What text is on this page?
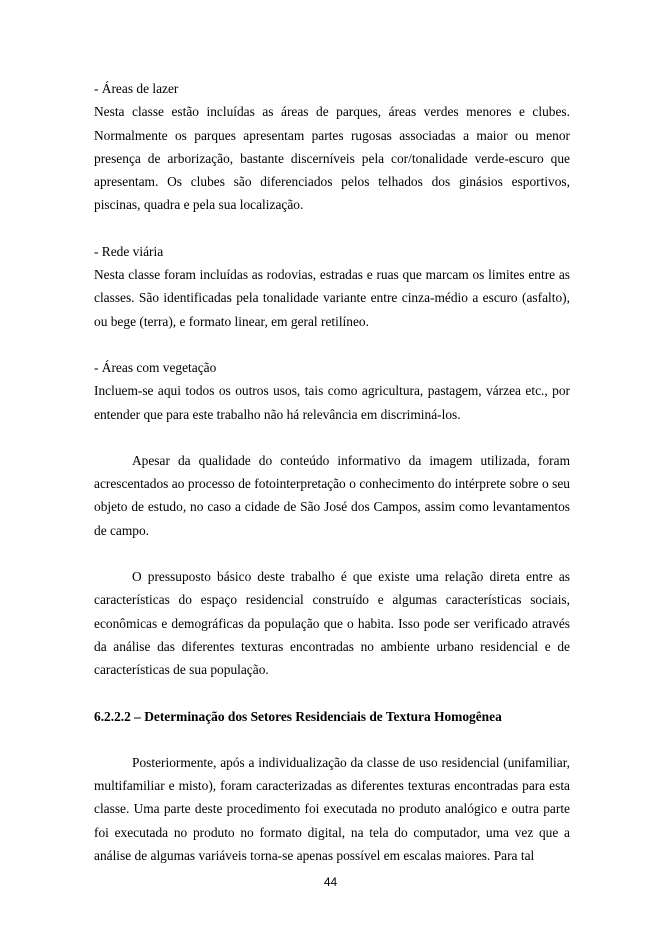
- Áreas de lazer

Nesta classe estão incluídas as áreas de parques, áreas verdes menores e clubes. Normalmente os parques apresentam partes rugosas associadas a maior ou menor presença de arborização, bastante discerníveis pela cor/tonalidade verde-escuro que apresentam. Os clubes são diferenciados pelos telhados dos ginásios esportivos, piscinas, quadra e pela sua localização.

- Rede viária

Nesta classe foram incluídas as rodovias, estradas e ruas que marcam os limites entre as classes. São identificadas pela tonalidade variante entre cinza-médio a escuro (asfalto), ou bege (terra), e formato linear, em geral retilíneo.

- Áreas com vegetação

Incluem-se aqui todos os outros usos, tais como agricultura, pastagem, várzea etc., por entender que para este trabalho não há relevância em discriminá-los.

Apesar da qualidade do conteúdo informativo da imagem utilizada, foram acrescentados ao processo de fotointerpretação o conhecimento do intérprete sobre o seu objeto de estudo, no caso a cidade de São José dos Campos, assim como levantamentos de campo.

O pressuposto básico deste trabalho é que existe uma relação direta entre as características do espaço residencial construído e algumas características sociais, econômicas e demográficas da população que o habita. Isso pode ser verificado através da análise das diferentes texturas encontradas no ambiente urbano residencial e de características de sua população.

6.2.2.2 – Determinação dos Setores Residenciais de Textura Homogênea

Posteriormente, após a individualização da classe de uso residencial (unifamiliar, multifamiliar e misto), foram caracterizadas as diferentes texturas encontradas para esta classe. Uma parte deste procedimento foi executada no produto analógico e outra parte foi executada no produto no formato digital, na tela do computador, uma vez que a análise de algumas variáveis torna-se apenas possível em escalas maiores. Para tal

44
